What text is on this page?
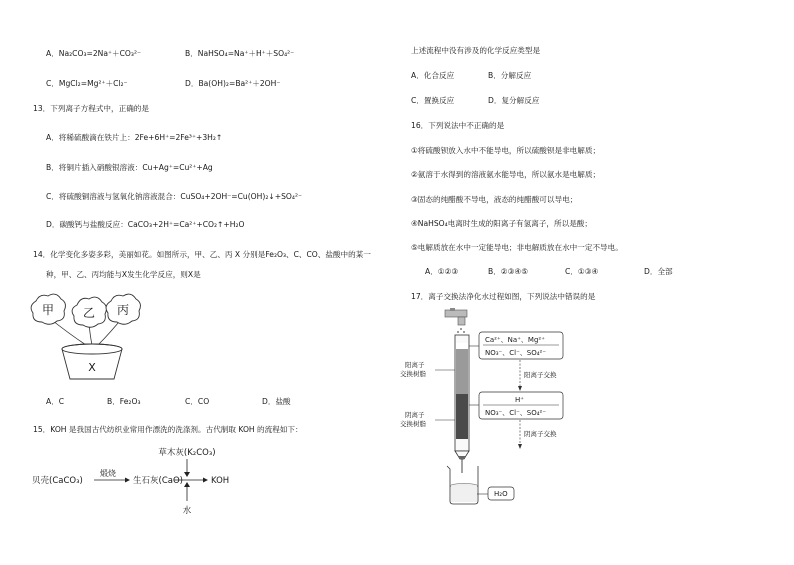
A．Na₂CO₃=2Na⁺＋CO₃²⁻	B．NaHSO₄=Na⁺＋H⁺＋SO₄²⁻
C．MgCl₂=Mg²⁺＋Cl₂⁻	D．Ba(OH)₂=Ba²⁺＋2OH⁻
13．下列离子方程式中，正确的是
A．将稀硫酸滴在铁片上：2Fe+6H⁺=2Fe³⁺+3H₂↑
B．将铜片插入硝酸银溶液：Cu+Ag⁺=Cu²⁺+Ag
C．将硫酸铜溶液与氢氧化钠溶液混合：CuSO₄+2OH⁻=Cu(OH)₂↓+SO₄²⁻
D．碳酸钙与盐酸反应：CaCO₃+2H⁺=Ca²⁺+CO₂↑+H₂O
14．化学变化多姿多彩，美丽如花。如图所示，甲、乙、丙 X 分别是Fe₂O₃、C、CO、盐酸中的某一
种，甲、乙、丙均能与X发生化学反应，则X是
甲 乙 丙
X
A．C	B．Fe₂O₃	C．CO	D．盐酸
15．KOH 是我国古代纺织业常用作漂洗的洗涤剂。古代制取 KOH 的流程如下：
草木灰(K₂CO₃)
贝壳(CaCO₃)
煅烧
生石灰(CaO)	KOH
水
上述流程中没有涉及的化学反应类型是
A．化合反应	B．分解反应
C．置换反应	D．复分解反应
16．下列说法中不正确的是
①将硫酸钡放入水中不能导电，所以硫酸钡是非电解质；
②氨溶于水得到的溶液氨水能导电，所以氨水是电解质；
③固态的纯醋酸不导电，液态的纯醋酸可以导电；
④NaHSO₄电离时生成的阳离子有氢离子，所以是酸；
⑤电解质放在水中一定能导电；非电解质放在水中一定不导电。
A．①②③	B．②③④⑤	C．①③④	D．全部
17．离子交换法净化水过程如图，下列说法中错误的是
Ca²⁺、Na⁺、Mg²⁺
NO₃⁻、Cl⁻、SO₄²⁻
阳离子交换
阳离子
交换树脂
H⁺
NO₃⁻、Cl⁻、SO₄²⁻
阴离子交换
阴离子
交换树脂
H₂O
